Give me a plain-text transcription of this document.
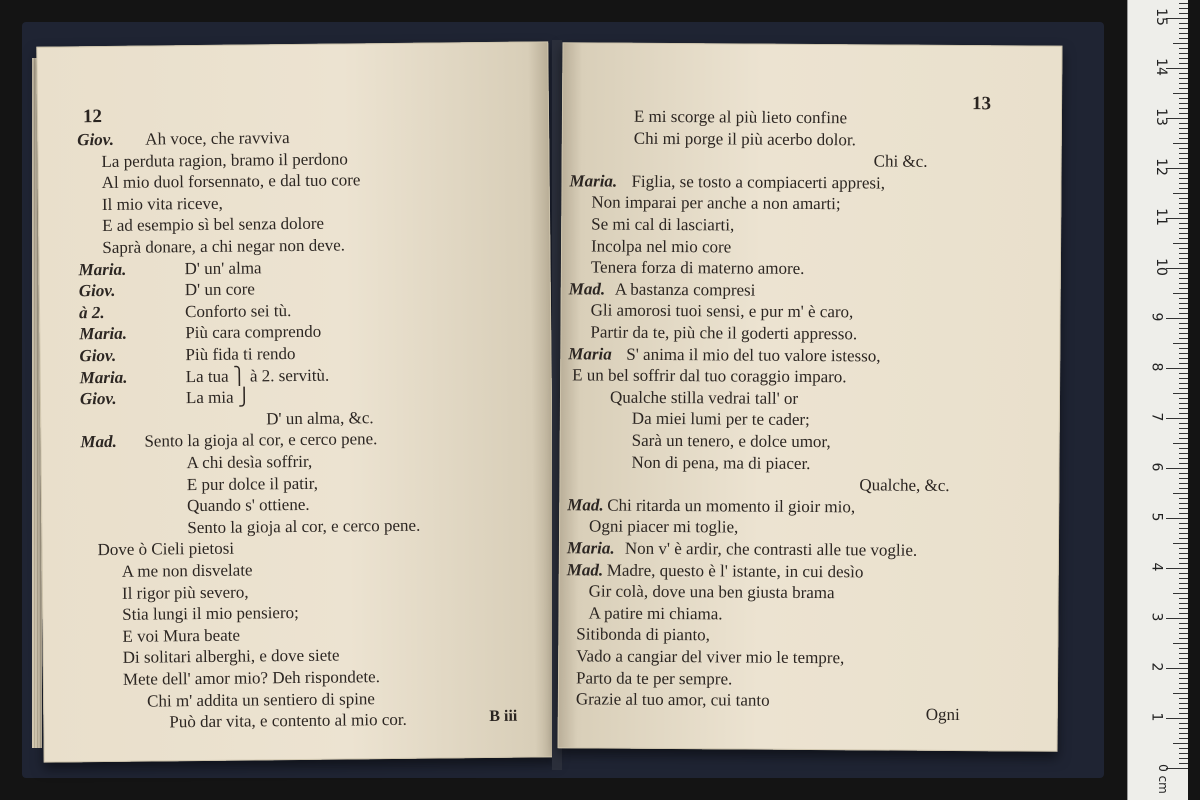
12
B iii
Giov. Ah voce, che ravviva
La perduta ragion, bramo il perdono
Al mio duol forsennato, e dal tuo core
Il mio vita riceve,
E ad esempio sì bel senza dolore
Saprà donare, a chi negar non deve.
Maria.	D' un' alma
Giov.	D' un core
à 2.	Conforto sei tù.
Maria.	Più cara comprendo
Giov.	Più fida ti rendo
Maria.	La tua ⎫ à 2. servitù.
Giov.	La mia ⎭
D' un alma, &c.
Mad. Sento la gioja al cor, e cerco pene.
A chi desìa soffrir,
E pur dolce il patir,
Quando s' ottiene.
Sento la gioja al cor, e cerco pene.
Dove ò Cieli pietosi
A me non disvelate
Il rigor più severo,
Stia lungi il mio pensiero;
E voi Mura beate
Di solitari alberghi, e dove siete
Mete dell' amor mio? Deh rispondete.
Chi m' addita un sentiero di spine
Può dar vita, e contento al mio cor.
13
Ogni
E mi scorge al più lieto confine
Chi mi porge il più acerbo dolor.
Chi &c.
Maria. Figlia, se tosto a compiacerti appresi,
Non imparai per anche a non amarti;
Se mi cal di lasciarti,
Incolpa nel mio core
Tenera forza di materno amore.
Mad. A bastanza compresi
Gli amorosi tuoi sensi, e pur m' è caro,
Partir da te, più che il goderti appresso.
Maria S' anima il mio del tuo valore istesso,
E un bel soffrir dal tuo coraggio imparo.
Qualche stilla vedrai tall' or
Da miei lumi per te cader;
Sarà un tenero, e dolce umor,
Non di pena, ma di piacer.
Qualche, &c.
Mad. Chi ritarda un momento il gioir mio,
Ogni piacer mi toglie,
Maria. Non v' è ardir, che contrasti alle tue voglie.
Mad. Madre, questo è l' istante, in cui desìo
Gir colà, dove una ben giusta brama
A patire mi chiama.
Sitibonda di pianto,
Vado a cangiar del viver mio le tempre,
Parto da te per sempre.
Grazie al tuo amor, cui tanto
0 cm
1
2
3
4
5
6
7
8
9
10
11
12
13
14
15
